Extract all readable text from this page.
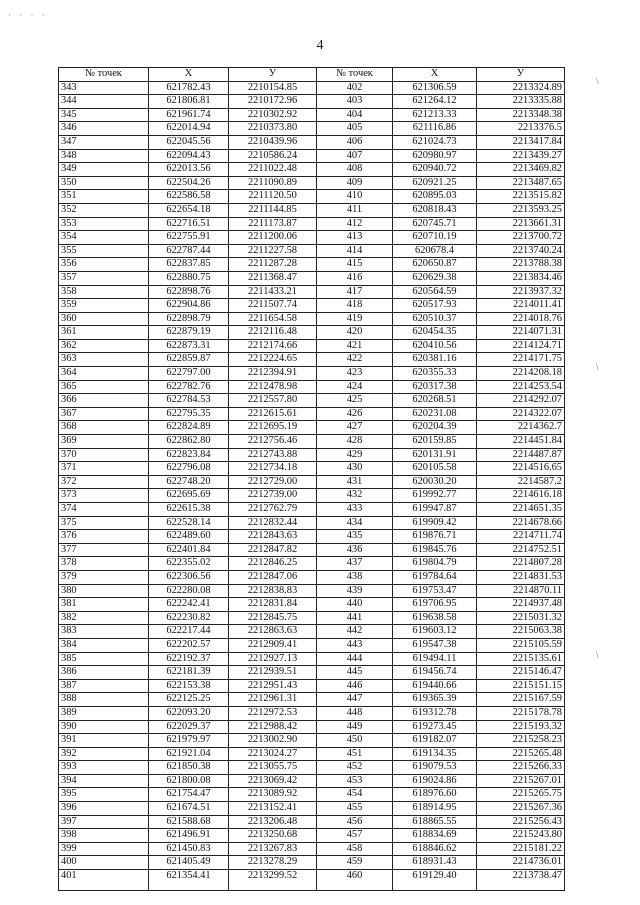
· · · ·
4
№ точек	X	У	№ точек	X	У
343	621782.43	2210154.85	402	621306.59	2213324.89
344	621806.81	2210172.96	403	621264.12	2213335.88
345	621961.74	2210302.92	404	621213.33	2213348.38
346	622014.94	2210373.80	405	621116.86	2213376.5
347	622045.56	2210439.96	406	621024.73	2213417.84
348	622094.43	2210586.24	407	620980.97	2213439.27
349	622013.56	2211022.48	408	620940.72	2213469.82
350	622504.26	2211090.89	409	620921.25	2213487.65
351	622586.58	2211120.50	410	620895.03	2213515.82
352	622654.18	2211144.85	411	620818.43	2213593.25
353	622716.51	2211173.87	412	620745.71	2213661.31
354	622755.91	2211200.06	413	620710.19	2213700.72
355	622787.44	2211227.58	414	620678.4	2213740.24
356	622837.85	2211287.28	415	620650.87	2213788.38
357	622880.75	2211368.47	416	620629.38	2213834.46
358	622898.76	2211433.21	417	620564.59	2213937.32
359	622904.86	2211507.74	418	620517.93	2214011.41
360	622898.79	2211654.58	419	620510.37	2214018.76
361	622879.19	2212116.48	420	620454.35	2214071.31
362	622873.31	2212174.66	421	620410.56	2214124.71
363	622859.87	2212224.65	422	620381.16	2214171.75
364	622797.00	2212394.91	423	620355.33	2214208.18
365	622782.76	2212478.98	424	620317.38	2214253.54
366	622784.53	2212557.80	425	620268.51	2214292.07
367	622795.35	2212615.61	426	620231.08	2214322.07
368	622824.89	2212695.19	427	620204.39	2214362.7
369	622862.80	2212756.46	428	620159.85	2214451.84
370	622823.84	2212743.88	429	620131.91	2214487.87
371	622796.08	2212734.18	430	620105.58	2214516.65
372	622748.20	2212729.00	431	620030.20	2214587.2
373	622695.69	2212739.00	432	619992.77	2214616.18
374	622615.38	2212762.79	433	619947.87	2214651.35
375	622528.14	2212832.44	434	619909.42	2214678.66
376	622489.60	2212843.63	435	619876.71	2214711.74
377	622401.84	2212847.82	436	619845.76	2214752.51
378	622355.02	2212846.25	437	619804.79	2214807.28
379	622306.56	2212847.06	438	619784.64	2214831.53
380	622280.08	2212838.83	439	619753.47	2214870.11
381	622242.41	2212831.84	440	619706.95	2214937.48
382	622230.82	2212845.75	441	619638.58	2215031.32
383	622217.44	2212863.63	442	619603.12	2215063.38
384	622202.57	2212909.41	443	619547.38	2215105.59
385	622192.37	2212927.13	444	619494.11	2215135.61
386	622181.39	2212939.51	445	619456.74	2215146.47
387	622153.38	2212951.43	446	619440.66	2215151.15
388	622125.25	2212961.31	447	619365.39	2215167.59
389	622093.20	2212972.53	448	619312.78	2215178.78
390	622029.37	2212988.42	449	619273.45	2215193.32
391	621979.97	2213002.90	450	619182.07	2215258.23
392	621921.04	2213024.27	451	619134.35	2215265.48
393	621850.38	2213055.75	452	619079.53	2215266.33
394	621800.08	2213069.42	453	619024.86	2215267.01
395	621754.47	2213089.92	454	618976.60	2215265.75
396	621674.51	2213152.41	455	618914.95	2215267.36
397	621588.68	2213206.48	456	618865.55	2215256.43
398	621496.91	2213250.68	457	618834.69	2215243.80
399	621450.83	2213267.83	458	618846.62	2215181.22
400	621405.49	2213278.29	459	618931.43	2214736.01
401	621354.41	2213299.52	460	619129.40	2213738.47
\
\
\
